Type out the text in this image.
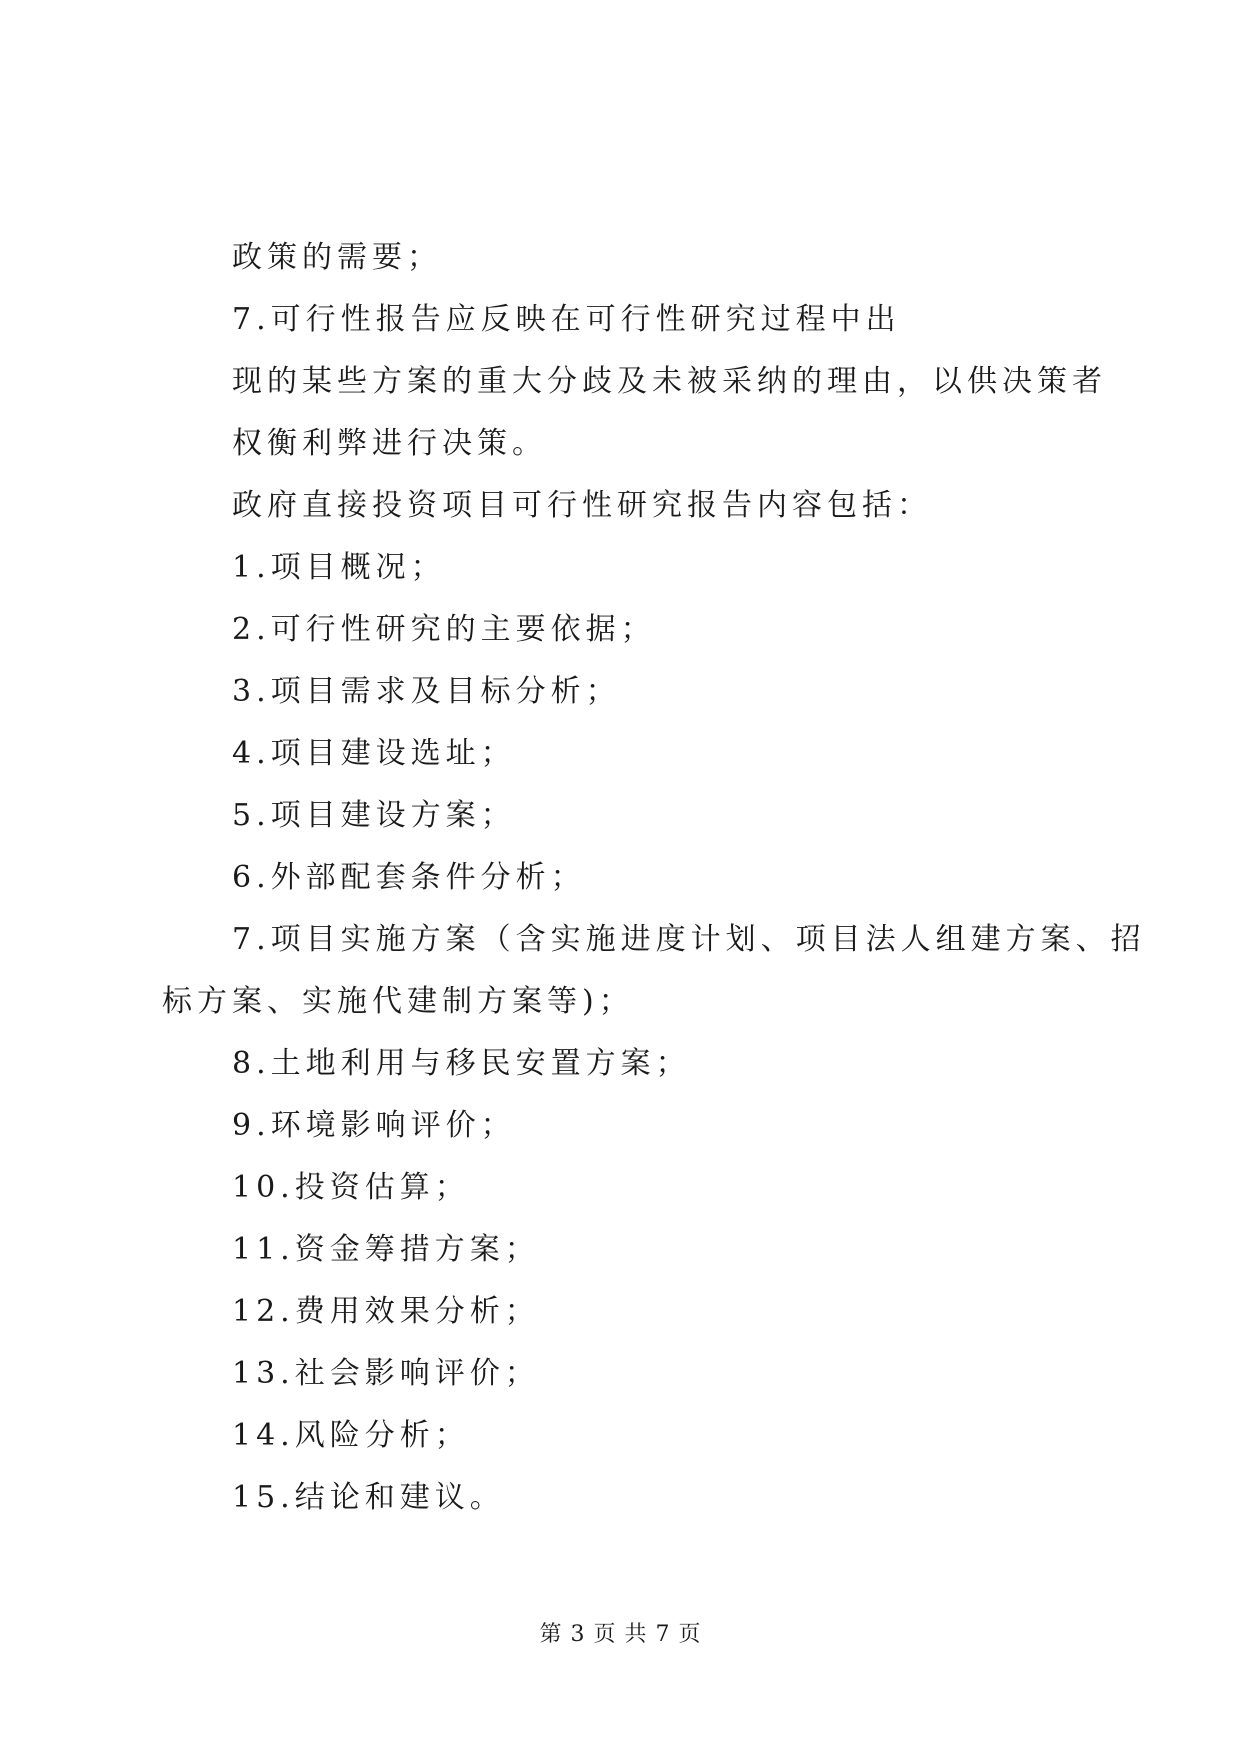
政策的需要；
7.可行性报告应反映在可行性研究过程中出
现的某些方案的重大分歧及未被采纳的理由，以供决策者
权衡利弊进行决策。
政府直接投资项目可行性研究报告内容包括：
1.项目概况；
2.可行性研究的主要依据；
3.项目需求及目标分析；
4.项目建设选址；
5.项目建设方案；
6.外部配套条件分析；
7.项目实施方案（含实施进度计划、项目法人组建方案、招
标方案、实施代建制方案等)；
8.土地利用与移民安置方案；
9.环境影响评价；
10.投资估算；
11.资金筹措方案；
12.费用效果分析；
13.社会影响评价；
14.风险分析；
15.结论和建议。
第 3 页 共 7 页
